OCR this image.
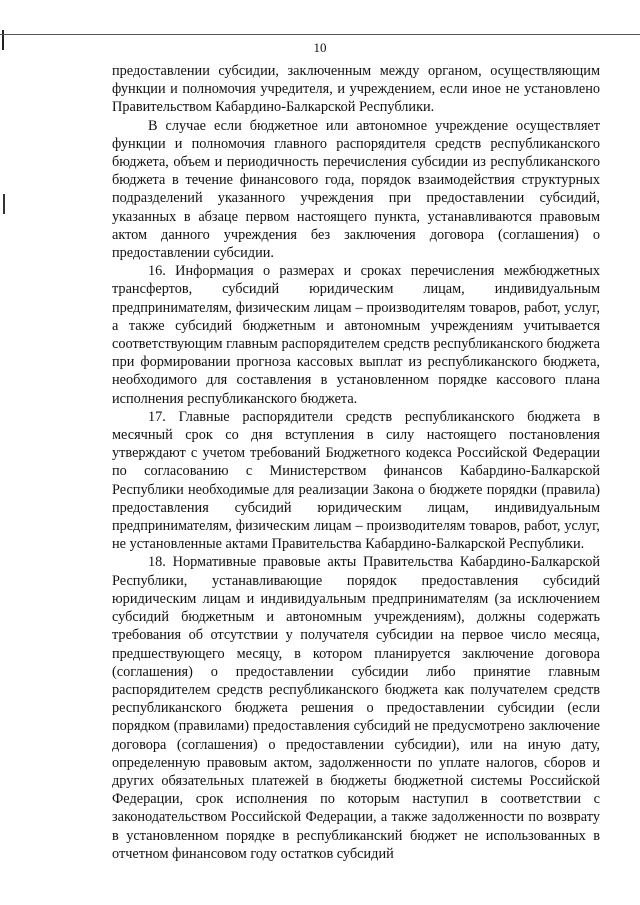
10

предоставлении субсидии, заключенным между органом, осуществляющим функции и полномочия учредителя, и учреждением, если иное не установлено Правительством Кабардино-Балкарской Республики.

В случае если бюджетное или автономное учреждение осуществляет функции и полномочия главного распорядителя средств республиканского бюджета, объем и периодичность перечисления субсидии из республиканского бюджета в течение финансового года, порядок взаимодействия структурных подразделений указанного учреждения при предоставлении субсидий, указанных в абзаце первом настоящего пункта, устанавливаются правовым актом данного учреждения без заключения договора (соглашения) о предоставлении субсидии.

16. Информация о размерах и сроках перечисления межбюджетных трансфертов, субсидий юридическим лицам, индивидуальным предпринимателям, физическим лицам – производителям товаров, работ, услуг, а также субсидий бюджетным и автономным учреждениям учитывается соответствующим главным распорядителем средств республиканского бюджета при формировании прогноза кассовых выплат из республиканского бюджета, необходимого для составления в установленном порядке кассового плана исполнения республиканского бюджета.

17. Главные распорядители средств республиканского бюджета в месячный срок со дня вступления в силу настоящего постановления утверждают с учетом требований Бюджетного кодекса Российской Федерации по согласованию с Министерством финансов Кабардино-Балкарской Республики необходимые для реализации Закона о бюджете порядки (правила) предоставления субсидий юридическим лицам, индивидуальным предпринимателям, физическим лицам – производителям товаров, работ, услуг, не установленные актами Правительства Кабардино-Балкарской Республики.

18. Нормативные правовые акты Правительства Кабардино-Балкарской Республики, устанавливающие порядок предоставления субсидий юридическим лицам и индивидуальным предпринимателям (за исключением субсидий бюджетным и автономным учреждениям), должны содержать требования об отсутствии у получателя субсидии на первое число месяца, предшествующего месяцу, в котором планируется заключение договора (соглашения) о предоставлении субсидии либо принятие главным распорядителем средств республиканского бюджета как получателем средств республиканского бюджета решения о предоставлении субсидии (если порядком (правилами) предоставления субсидий не предусмотрено заключение договора (соглашения) о предоставлении субсидии), или на иную дату, определенную правовым актом, задолженности по уплате налогов, сборов и других обязательных платежей в бюджеты бюджетной системы Российской Федерации, срок исполнения по которым наступил в соответствии с законодательством Российской Федерации, а также задолженности по возврату в установленном порядке в республиканский бюджет не использованных в отчетном финансовом году остатков субсидий
